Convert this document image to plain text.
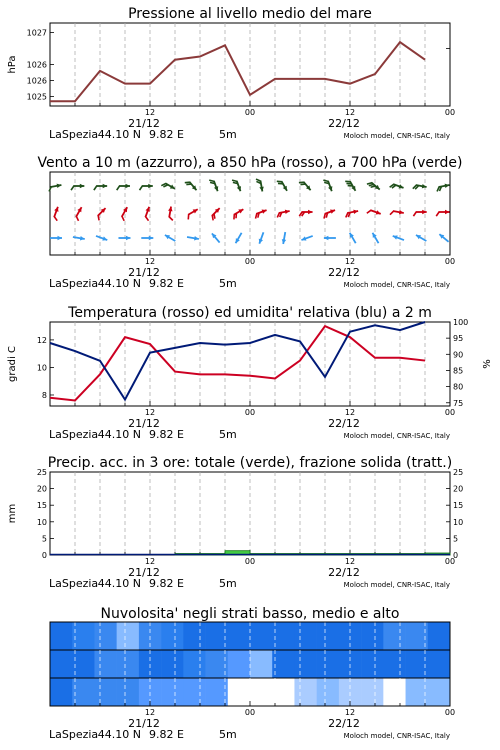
Pressione al livello medio del mare
12	00	12	00
21/12	22/12
LaSpezia 44.10 N 9.82 E	5m	Moloch model, CNR-ISAC, Italy
1025
1026
1026
1027
hPa
Vento a 10 m (azzurro), a 850 hPa (rosso), a 700 hPa (verde)
12	00	12	00
21/12	22/12
LaSpezia 44.10 N 9.82 E	5m	Moloch model, CNR-ISAC, Italy
Temperatura (rosso) ed umidita' relativa (blu) a 2 m
12	00	12	00
21/12	22/12
LaSpezia 44.10 N 9.82 E	5m	Moloch model, CNR-ISAC, Italy
8
10
12
75
80
85
90
95
100
gradi C	%
Precip. acc. in 3 ore: totale (verde), frazione solida (tratt.)
12	00	12	00
21/12	22/12
LaSpezia 44.10 N 9.82 E	5m	Moloch model, CNR-ISAC, Italy
0	0
5	5
10	10
15	15
20	20
25	25
mm
Nuvolosita' negli strati basso, medio e alto
12	00	12	00
21/12	22/12
LaSpezia 44.10 N 9.82 E	5m	Moloch model, CNR-ISAC, Italy
